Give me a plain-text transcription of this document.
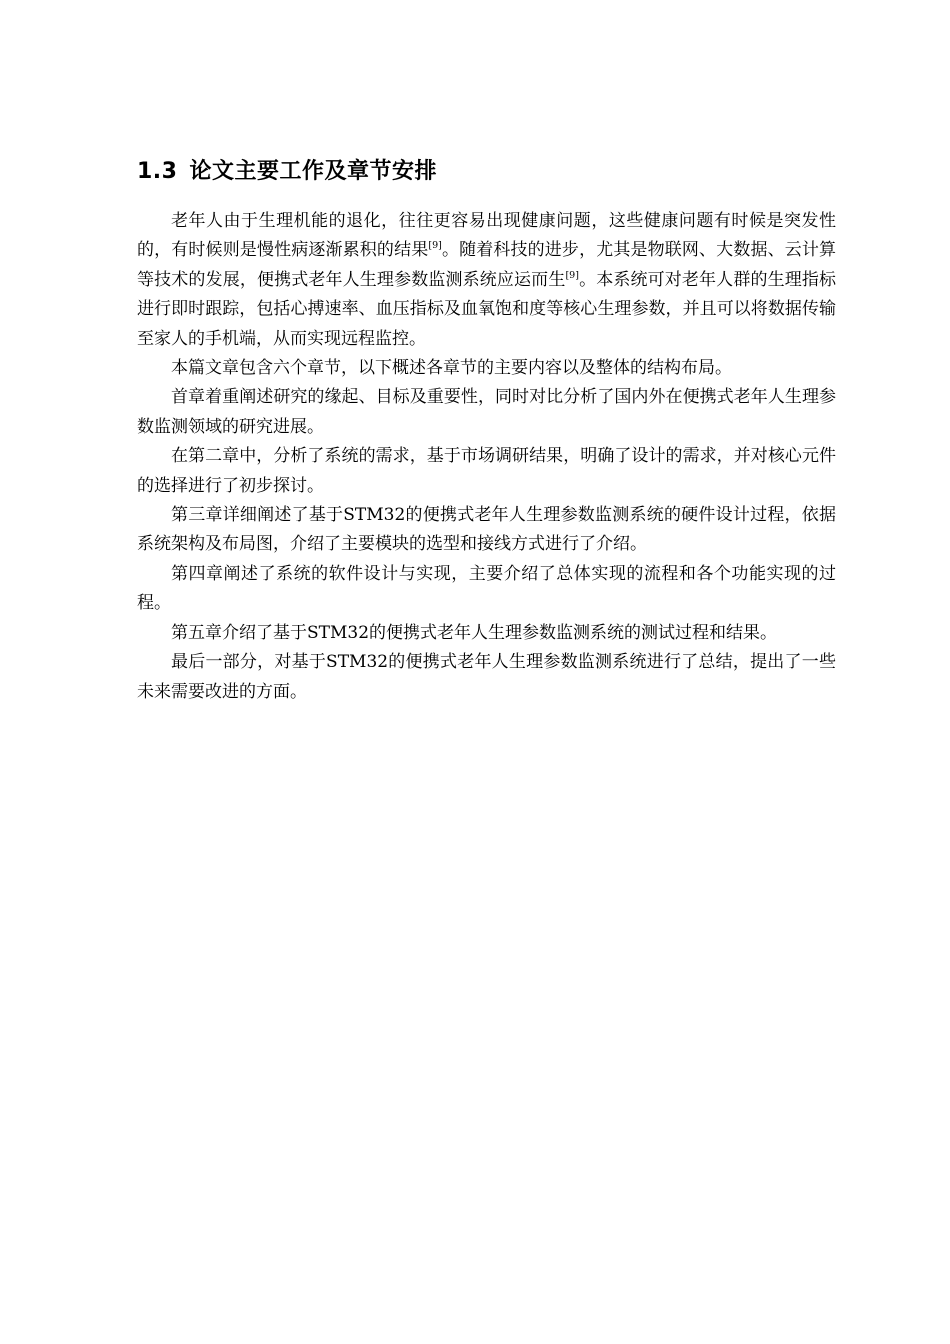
1.3 论文主要工作及章节安排

老年人由于生理机能的退化，往往更容易出现健康问题，这些健康问题有时候是突发性的，有时候则是慢性病逐渐累积的结果[9]。随着科技的进步，尤其是物联网、大数据、云计算等技术的发展，便携式老年人生理参数监测系统应运而生[9]。本系统可对老年人群的生理指标进行即时跟踪，包括心搏速率、血压指标及血氧饱和度等核心生理参数，并且可以将数据传输至家人的手机端，从而实现远程监控。

本篇文章包含六个章节，以下概述各章节的主要内容以及整体的结构布局。

首章着重阐述研究的缘起、目标及重要性，同时对比分析了国内外在便携式老年人生理参数监测领域的研究进展。

在第二章中，分析了系统的需求，基于市场调研结果，明确了设计的需求，并对核心元件的选择进行了初步探讨。

第三章详细阐述了基于STM32的便携式老年人生理参数监测系统的硬件设计过程，依据系统架构及布局图，介绍了主要模块的选型和接线方式进行了介绍。

第四章阐述了系统的软件设计与实现，主要介绍了总体实现的流程和各个功能实现的过程。

第五章介绍了基于STM32的便携式老年人生理参数监测系统的测试过程和结果。

最后一部分，对基于STM32的便携式老年人生理参数监测系统进行了总结，提出了一些未来需要改进的方面。
